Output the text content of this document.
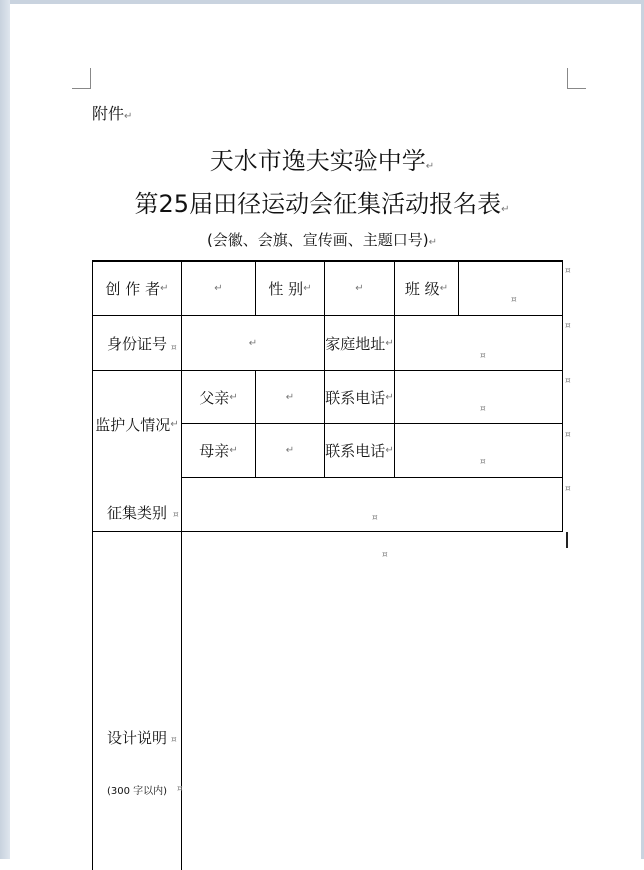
附件↵
天水市逸夫实验中学↵
第25届田径运动会征集活动报名表↵
(会徽、会旗、宣传画、主题口号)↵
创 作 者 ↵	↵	性 别 ↵	↵	班 级 ↵
¤
身份证号 ¤	↵	家庭地址 ↵
¤
监护人情况 ↵
父亲 ↵	↵ 联系电话 ↵
¤
母亲 ↵	↵ 联系电话 ↵
¤
征集类别 ¤	¤
设计说明 ¤
(300 字以内) ¤
¤
¤
¤
¤
¤
¤
